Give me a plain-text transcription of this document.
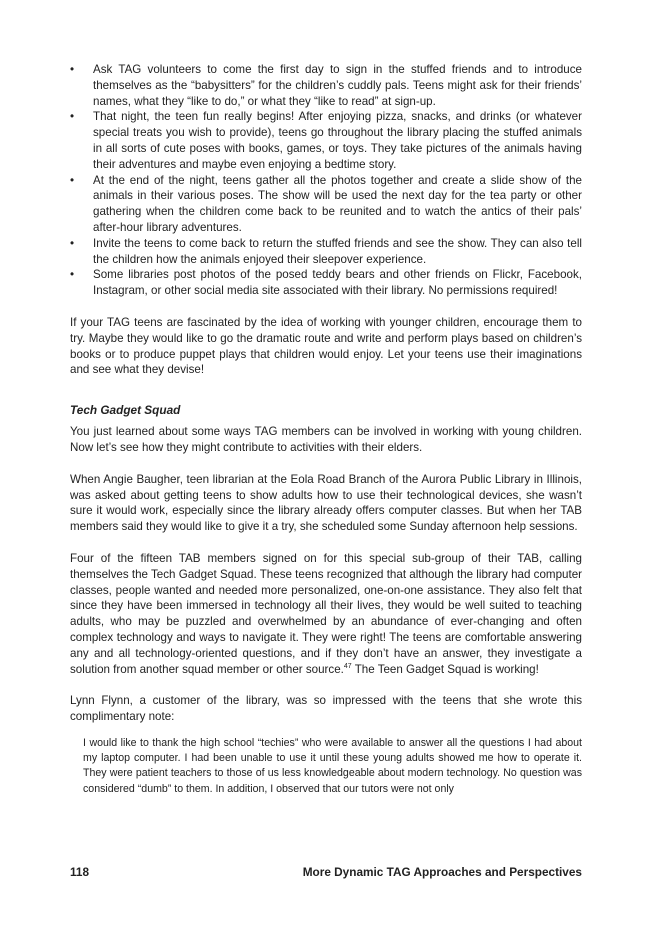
• Ask TAG volunteers to come the first day to sign in the stuffed friends and to introduce themselves as the “babysitters” for the children’s cuddly pals. Teens might ask for their friends’ names, what they “like to do,” or what they “like to read” at sign-up.
• That night, the teen fun really begins! After enjoying pizza, snacks, and drinks (or whatever special treats you wish to provide), teens go throughout the library placing the stuffed animals in all sorts of cute poses with books, games, or toys. They take pictures of the animals having their adventures and maybe even enjoying a bedtime story.
• At the end of the night, teens gather all the photos together and create a slide show of the animals in their various poses. The show will be used the next day for the tea party or other gathering when the children come back to be reunited and to watch the antics of their pals’ after-hour library adventures.
• Invite the teens to come back to return the stuffed friends and see the show. They can also tell the children how the animals enjoyed their sleepover experience.
• Some libraries post photos of the posed teddy bears and other friends on Flickr, Facebook, Instagram, or other social media site associated with their library. No permissions required!

If your TAG teens are fascinated by the idea of working with younger children, encourage them to try. Maybe they would like to go the dramatic route and write and perform plays based on children’s books or to produce puppet plays that children would enjoy. Let your teens use their imaginations and see what they devise!

Tech Gadget Squad

You just learned about some ways TAG members can be involved in working with young children. Now let’s see how they might contribute to activities with their elders.

When Angie Baugher, teen librarian at the Eola Road Branch of the Aurora Public Library in Illinois, was asked about getting teens to show adults how to use their technological devices, she wasn’t sure it would work, especially since the library already offers computer classes. But when her TAB members said they would like to give it a try, she scheduled some Sunday afternoon help sessions.

Four of the fifteen TAB members signed on for this special sub-group of their TAB, calling themselves the Tech Gadget Squad. These teens recognized that although the library had computer classes, people wanted and needed more personalized, one-on-one assistance. They also felt that since they have been immersed in technology all their lives, they would be well suited to teaching adults, who may be puzzled and overwhelmed by an abundance of ever-changing and often complex technology and ways to navigate it. They were right! The teens are comfortable answering any and all technology-oriented questions, and if they don’t have an answer, they investigate a solution from another squad member or other source.$^{47}$ The Teen Gadget Squad is working!

Lynn Flynn, a customer of the library, was so impressed with the teens that she wrote this complimentary note:

I would like to thank the high school “techies” who were available to answer all the questions I had about my laptop computer. I had been unable to use it until these young adults showed me how to operate it. They were patient teachers to those of us less knowledgeable about modern technology. No question was considered “dumb” to them. In addition, I observed that our tutors were not only

118	More Dynamic TAG Approaches and Perspectives
